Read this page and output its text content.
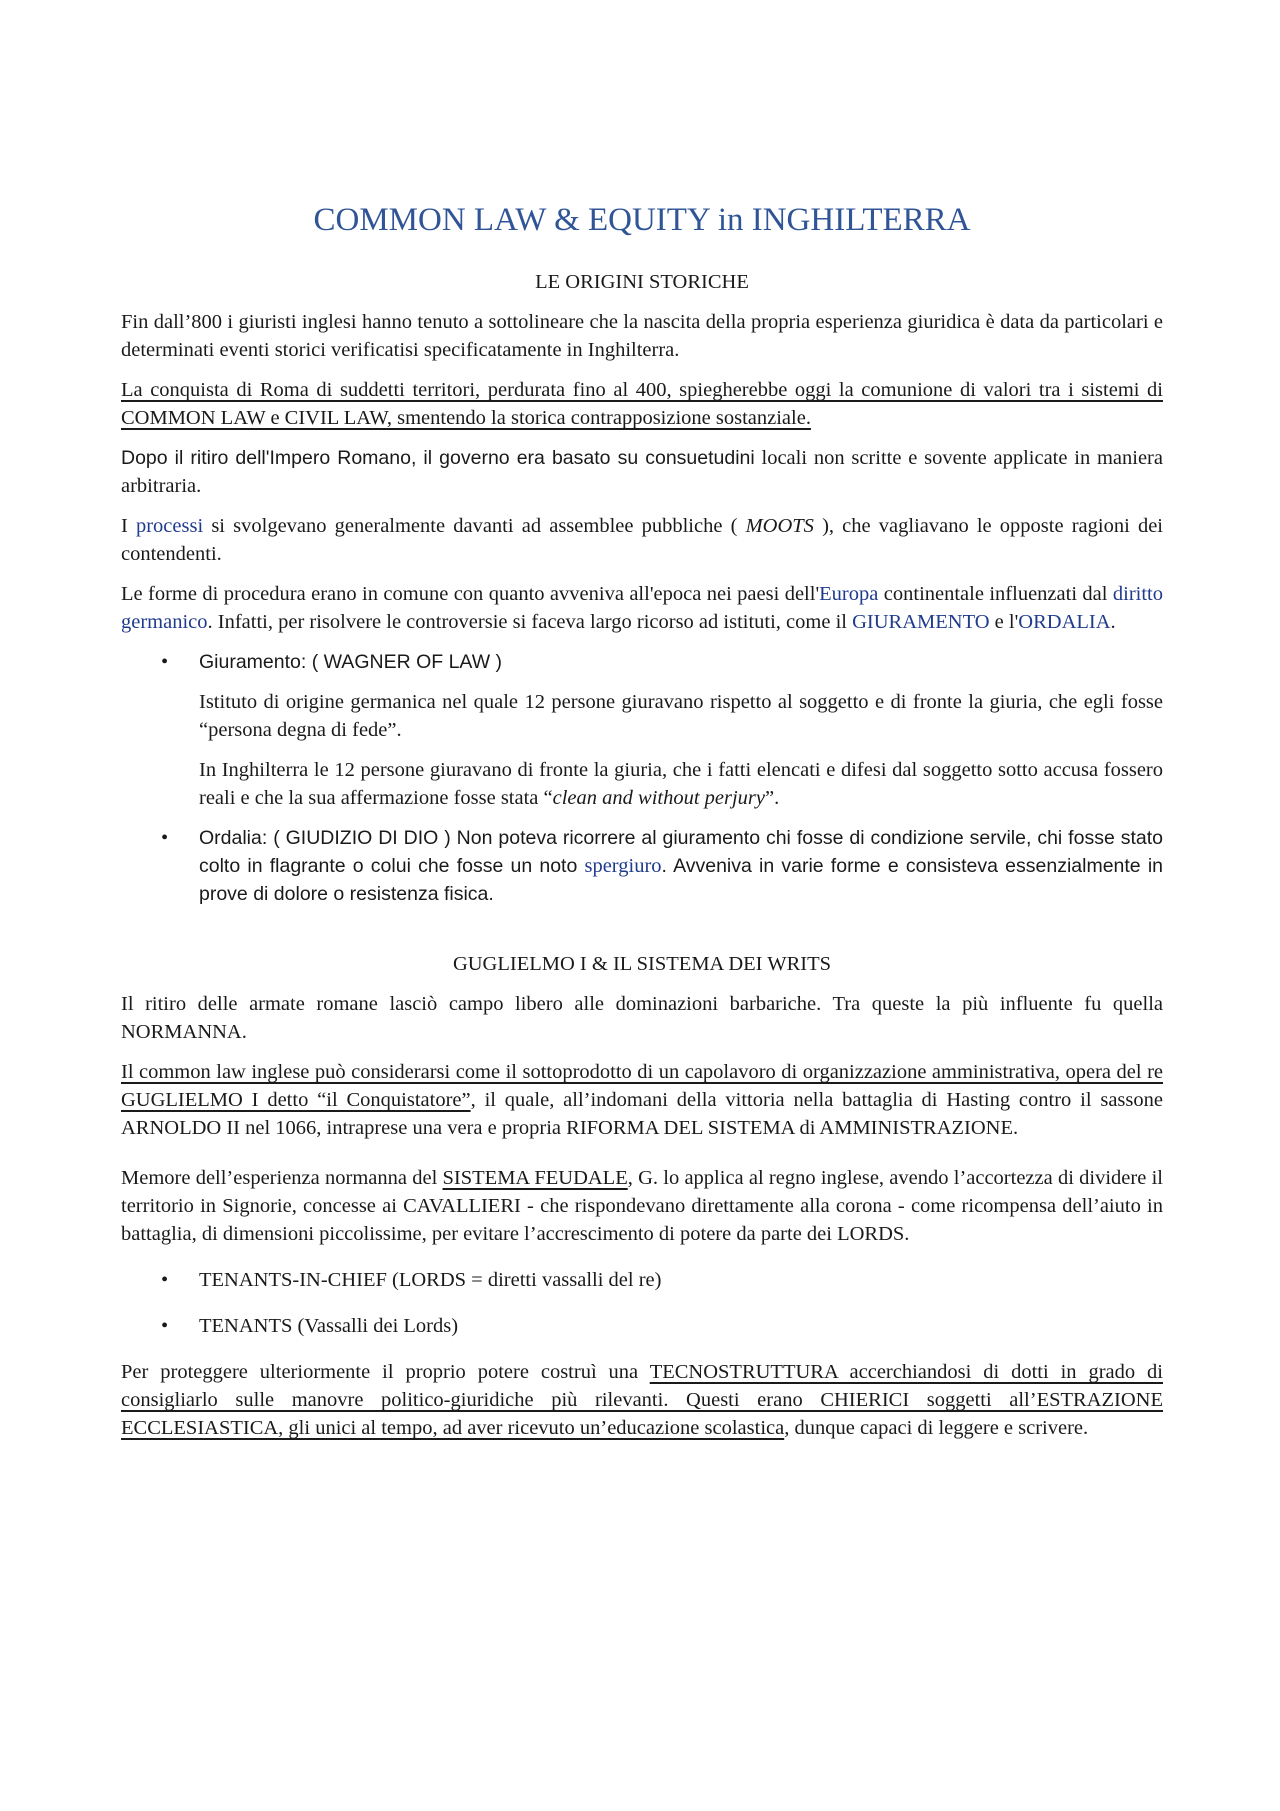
COMMON LAW & EQUITY in INGHILTERRA
LE ORIGINI STORICHE

Fin dall’800 i giuristi inglesi hanno tenuto a sottolineare che la nascita della propria esperienza giuridica è data da particolari e determinati eventi storici verificatisi specificatamente in Inghilterra.

La conquista di Roma di suddetti territori, perdurata fino al 400, spiegherebbe oggi la comunione di valori tra i sistemi di COMMON LAW e CIVIL LAW, smentendo la storica contrapposizione sostanziale.

Dopo il ritiro dell'Impero Romano, il governo era basato su consuetudini locali non scritte e sovente applicate in maniera arbitraria.

I processi si svolgevano generalmente davanti ad assemblee pubbliche ( MOOTS ), che vagliavano le opposte ragioni dei contendenti.

Le forme di procedura erano in comune con quanto avveniva all'epoca nei paesi dell'Europa continentale influenzati dal diritto germanico. Infatti, per risolvere le controversie si faceva largo ricorso ad istituti, come il GIURAMENTO e l'ORDALIA.

• Giuramento: ( WAGNER OF LAW )

Istituto di origine germanica nel quale 12 persone giuravano rispetto al soggetto e di fronte la giuria, che egli fosse “persona degna di fede”.

In Inghilterra le 12 persone giuravano di fronte la giuria, che i fatti elencati e difesi dal soggetto sotto accusa fossero reali e che la sua affermazione fosse stata “clean and without perjury”.

• Ordalia: ( GIUDIZIO DI DIO ) Non poteva ricorrere al giuramento chi fosse di condizione servile, chi fosse stato colto in flagrante o colui che fosse un noto spergiuro. Avveniva in varie forme e consisteva essenzialmente in prove di dolore o resistenza fisica.
GUGLIELMO I & IL SISTEMA DEI WRITS

Il ritiro delle armate romane lasciò campo libero alle dominazioni barbariche. Tra queste la più influente fu quella NORMANNA.

Il common law inglese può considerarsi come il sottoprodotto di un capolavoro di organizzazione amministrativa, opera del re GUGLIELMO I detto “il Conquistatore”, il quale, all’indomani della vittoria nella battaglia di Hasting contro il sassone ARNOLDO II nel 1066, intraprese una vera e propria RIFORMA DEL SISTEMA di AMMINISTRAZIONE.

Memore dell’esperienza normanna del SISTEMA FEUDALE, G. lo applica al regno inglese, avendo l’accortezza di dividere il territorio in Signorie, concesse ai CAVALLIERI - che rispondevano direttamente alla corona - come ricompensa dell’aiuto in battaglia, di dimensioni piccolissime, per evitare l’accrescimento di potere da parte dei LORDS.

• TENANTS-IN-CHIEF (LORDS = diretti vassalli del re)
• TENANTS (Vassalli dei Lords)

Per proteggere ulteriormente il proprio potere costruì una TECNOSTRUTTURA accerchiandosi di dotti in grado di consigliarlo sulle manovre politico-giuridiche più rilevanti. Questi erano CHIERICI soggetti all’ESTRAZIONE ECCLESIASTICA, gli unici al tempo, ad aver ricevuto un’educazione scolastica, dunque capaci di leggere e scrivere.
